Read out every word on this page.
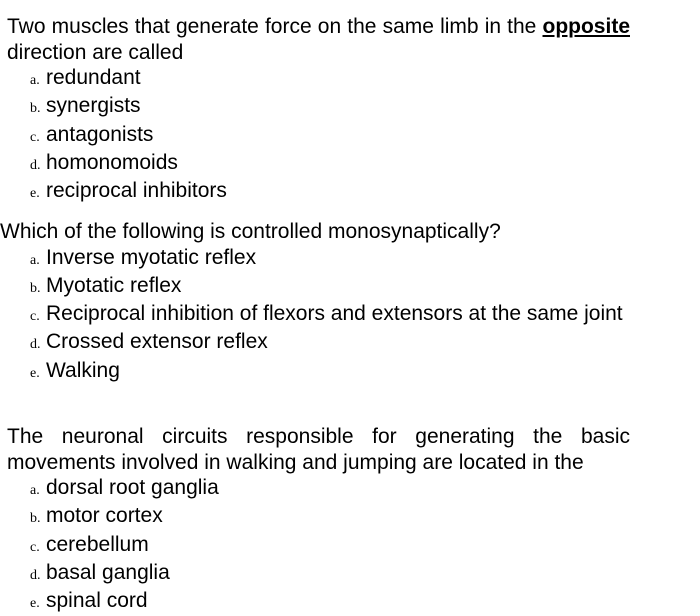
Two muscles that generate force on the same limb in the opposite direction are called

a. redundant
b. synergists
c. antagonists
d. homonomoids
e. reciprocal inhibitors

Which of the following is controlled monosynaptically?

a. Inverse myotatic reflex
b. Myotatic reflex
c. Reciprocal inhibition of flexors and extensors at the same joint
d. Crossed extensor reflex
e. Walking

The neuronal circuits responsible for generating the basic movements involved in walking and jumping are located in the

a. dorsal root ganglia
b. motor cortex
c. cerebellum
d. basal ganglia
e. spinal cord
